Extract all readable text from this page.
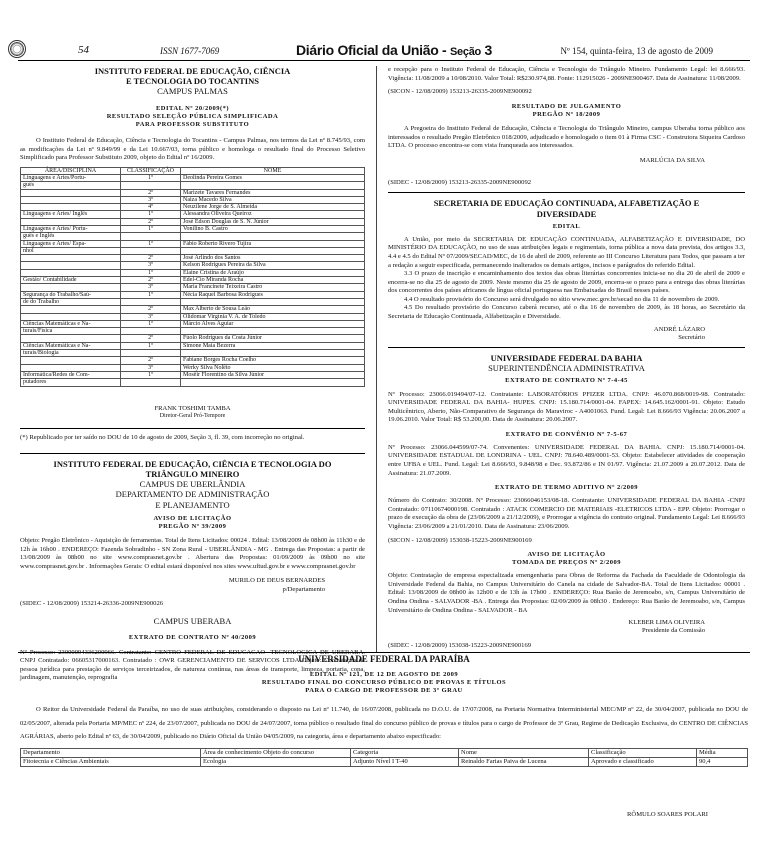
54	ISSN 1677-7069	Diário Oficial da União - Seção 3	Nº 154, quinta-feira, 13 de agosto de 2009
INSTITUTO FEDERAL DE EDUCAÇÃO, CIÊNCIA
E TECNOLOGIA DO TOCANTINS
CAMPUS PALMAS
EDITAL Nº 20/2009(*)
RESULTADO SELEÇÃO PÚBLICA SIMPLIFICADA
PARA PROFESSOR SUBSTITUTO
O Instituto Federal de Educação, Ciência e Tecnologia do Tocantins - Campus Palmas, nos termos da Lei nº 8.745/93, com as modificações da Lei nº 9.849/99 e da Lei 10.667/03, torna público e homologa o resultado final do Processo Seletivo Simplificado para Professor Substituto 2009, objeto do Edital nº 16/2009.
ÁREA/DISCIPLINA	CLASSIFICAÇÃO	NOME
Linguagens e Artes/Portu-	1º	Deolinda Pereira Gomes
guês		
	2º	Marizete Tavares Fernandes
	3º	Naiza Macedo Silva
	4º	Neuzilene Jorge de S. Almeida
Linguagens e Artes/ Inglês	1º	Alessandra Oliveira Queiroz
	2º	José Edson Douglas de S. N. Júnior
Linguagens e Artes/ Portu-	1º	Vonilino B. Castro
guês e Inglês		
Linguagens e Artes/ Espa-	1º	Fábio Roberto Rivero Tujira
nhol		
	2º	José Arlindo dos Santos
	3º	Kelson Rodrigues Pereira da Silva
	1º	Elaine Cristina de Araújo
Gestão/ Contabilidade	2º	Edel-Cio Miranda Rocha
	3º	Maria Francinete Teixeira Castro
Segurança do Trabalho/Saú-	1º	Nécia Raquel Barbosa Rodrigues
de do Trabalho		
	2º	Max Alberto de Sousa Leão
	3º	Olidomar Virgínia V. A. de Toledo
Ciências Matemáticas e Na-	1º	Márcio Alves Aguiar
turais/Física		
	2º	Fúolo Rodrigues da Costa Júnior
Ciências Matemáticas e Na-	1º	Simone Maia Bezerra
turais/Biologia		
	2º	Fabiane Borges Rocha Coelho
	3º	Werky Silva Nolêto
Informática/Redes de Com-	1º	Mosêir Florentino da Silva Júnior
putadores		
FRANK TOSHIMI TAMBA
Diretor-Geral Pró-Tempore
(*) Republicado por ter saído no DOU de 10 de agosto de 2009, Seção 3, fl. 39, com incorreção no original.
INSTITUTO FEDERAL DE EDUCAÇÃO, CIÊNCIA E TECNOLOGIA DO
TRIÂNGULO MINEIRO
CAMPUS DE UBERLÂNDIA
DEPARTAMENTO DE ADMINISTRAÇÃO
E PLANEJAMENTO
AVISO DE LICITAÇÃO
PREGÃO Nº 39/2009
Objeto: Pregão Eletrônico - Aquisição de ferramentas. Total de Itens Licitados: 00024 . Edital: 13/08/2009 de 08h00 às 11h30 e de 12h às 16h00 . ENDEREÇO: Fazenda Sobradinho - SN Zona Rural - UBERLÂNDIA - MG . Entrega das Propostas: a partir de 13/08/2009 às 08h00 no site www.comprasnet.gov.br . Abertura das Propostas: 01/09/2009 às 09h00 no site www.comprasnet.gov.br . Informações Gerais: O edital estará disponível nos sites www.uftud.gov.br e www.comprasnet.gov.br
MURILO DE DEUS BERNARDES
p/Departamento
(SIDEC - 12/08/2009) 153214-26336-2009NE900026
CAMPUS UBERABA
EXTRATO DE CONTRATO Nº 40/2009
Nº Processo: 23000094336200966. Contratante: CENTRO FEDERAL DE EDUCACAO -TECNOLOGICA DE UBERABA. CNPJ Contratado: 06605317000163. Contratado : OWR GERENCIAMENTO DE SERVICOS LTDA-Objeto: Contratação de pessoa jurídica para prestação de serviços terceirizados, de natureza contínua, nas áreas de transporte, limpeza, portaria, copa, jardinagem, manutenção, reprografia
e recepção para o Instituto Federal de Educação, Ciência e Tecnologia do Triângulo Mineiro. Fundamento Legal: lei 8.666/93. Vigência: 11/08/2009 a 10/08/2010. Valor Total: R$230.974,88. Fonte: 112915026 - 2009NE900467. Data de Assinatura: 11/08/2009.
(SICON - 12/08/2009) 153213-26335-2009NE900092
RESULTADO DE JULGAMENTO
PREGÃO Nº 18/2009
A Pregoeira do Instituto Federal de Educação, Ciência e Tecnologia do Triângulo Mineiro, campus Uberaba torna público aos interessados o resultado Pregão Eletrônico 018/2009, adjudicado e homologado o item 01 à Firma CSC - Construtora Siqueira Cardoso LTDA. O processo encontra-se com vista franqueada aos interessados.
MARLÚCIA DA SILVA
(SIDEC - 12/08/2009) 153213-26335-2009NE900092
SECRETARIA DE EDUCAÇÃO CONTINUADA, ALFABETIZAÇÃO E
DIVERSIDADE
EDITAL
A União, por meio da SECRETARIA DE EDUCAÇÃO CONTINUADA, ALFABETIZAÇÃO E DIVERSIDADE, DO MINISTÉRIO DA EDUCAÇÃO, no uso de suas atribuições legais e regimentais, torna pública a nova data prevista, dos artigos 3.3, 4.4 e 4.5 do Edital Nº 07/2009/SECAD/MEC, de 16 de abril de 2009, referente ao III Concurso Literatura para Todos, que passam a ter a redação a seguir especificada, permanecendo inalterados os demais artigos, incisos e parágrafos do referido Edital.
3.3 O prazo de inscrição e encaminhamento dos textos das obras literárias concorrentes inicia-se no dia 20 de abril de 2009 e encerra-se no dia 25 de agosto de 2009. Neste mesmo dia 25 de agosto de 2009, encerra-se o prazo para a entrega das obras literárias dos concorrentes dos países africanos de língua oficial portuguesa nas Embaixadas do Brasil nesses países.
4.4 O resultado provisório do Concurso será divulgado no sítio www.mec.gov.br/secad no dia 11 de novembro de 2009.
4.5 Do resultado provisório do Concurso caberá recurso, até o dia 16 de novembro de 2009, às 18 horas, ao Secretário da Secretaria de Educação Continuada, Alfabetização e Diversidade.
ANDRÉ LÁZARO
Secretário
UNIVERSIDADE FEDERAL DA BAHIA
SUPERINTENDÊNCIA ADMINISTRATIVA
EXTRATO DE CONTRATO Nº 7-4-45
Nº Processo: 23066.019494/07-12. Contratante: LABORATÓRIOS PFIZER LTDA. CNPJ: 46.070.868/0019-98. Contratado: UNIVERSIDADE FEDERAL DA BAHIA- HUPES. CNPJ: 15.180.714/0001-04. FAPEX: 14.645.162/0001-91. Objeto: Estudo Multicêntrico, Aberto, Não-Comparativo de Segurança do Maraviroc - A4001063. Fund. Legal: Lei 8.666/93 Vigência: 20.06.2007 a 19.06.2010. Valor Total: R$ 53.200,00. Data de Assinatura: 20.06.2007.
EXTRATO DE CONVÊNIO Nº 7-5-67
Nº Processo: 23066.044599/07-74. Convenentes: UNIVERSIDADE FEDERAL DA BAHIA. CNPJ: 15.180.714/0001-04. UNIVERSIDADE ESTADUAL DE LONDRINA - UEL. CNPJ: 78.640.489/0001-53. Objeto: Estabelecer atividades de cooperação entre UFBA e UEL. Fund. Legal: Lei 8.666/93, 9.848/98 e Dec. 93.872/86 e IN 01/97. Vigência: 21.07.2009 a 20.07.2012. Data de Assinatura: 21.07.2009.
EXTRATO DE TERMO ADITIVO Nº 2/2009
Número do Contrato: 30/2008. Nº Processo: 23066046153/08-18. Contratante: UNIVERSIDADE FEDERAL DA BAHIA -CNPJ Contratado: 07110674000198. Contratado : ATACK COMERCIO DE MATERIAIS -ELETRICOS LTDA - EPP. Objeto: Prorrogar o prazo de execução da obra de (23/06/2009 a 21/12/2009), e Prorrogar a vigência do contrato original. Fundamento Legal: Lei 8.666/93 Vigência: 23/06/2009 a 21/01/2010. Data de Assinatura: 23/06/2009.
(SICON - 12/08/2009) 153038-15223-2009NE900169
AVISO DE LICITAÇÃO
TOMADA DE PREÇOS Nº 2/2009
Objeto: Contratação de empresa especializada emengenharia para Obras de Reforma da Fachada da Faculdade de Odontologia da Universidade Federal da Bahia, no Campus Universitário do Canela na cidade de Salvador-BA. Total de Itens Licitados: 00001 . Edital: 13/08/2009 de 08h00 às 12h00 e de 13h às 17h00 . ENDEREÇO: Rua Barão de Jeremoabo, s/n, Campus Universitário de Ondina Ondina - SALVADOR -BA . Entrega das Propostas: 02/09/2009 às 08h30 . Endereço: Rua Barão de Jeremoabo, s/n, Campus Universitário de Ondina Ondina - SALVADOR - BA
KLEBER LIMA OLIVEIRA
Presidente da Comissão
(SIDEC - 12/08/2009) 153038-15223-2009NE900169
UNIVERSIDADE FEDERAL DA PARAÍBA
EDITAL Nº 121, DE 12 DE AGOSTO DE 2009
RESULTADO FINAL DO CONCURSO PÚBLICO DE PROVAS E TÍTULOS
PARA O CARGO DE PROFESSOR DE 3º GRAU
O Reitor da Universidade Federal da Paraíba, no uso de suas atribuições, considerando o disposto na Lei nº 11.740, de 16/07/2008, publicada no D.O.U. de 17/07/2008, na Portaria Normativa Interministerial MEC/MP nº 22, de 30/04/2007, publicada no DOU de 02/05/2007, alterada pela Portaria MP/MEC nº 224, de 23/07/2007, publicada no DOU de 24/07/2007, torna público o resultado final do concurso público de provas e títulos para o cargo de Professor de 3º Grau, Regime de Dedicação Exclusiva, do CENTRO DE CIÊNCIAS AGRÁRIAS, aberto pelo Edital nº 63, de 30/04/2009, publicado no Diário Oficial da União 04/05/2009, na categoria, área e departamento abaixo especificado:
Departamento	Área de conhecimento Objeto do concurso	Categoria	Nome	Classificação	Média
Fitotecnia e Ciências Ambientais	Ecologia	Adjunto Nível I T-40	Reinaldo Farias Paiva de Lucena	Aprovado e classificado	90,4
RÔMULO SOARES POLARI
